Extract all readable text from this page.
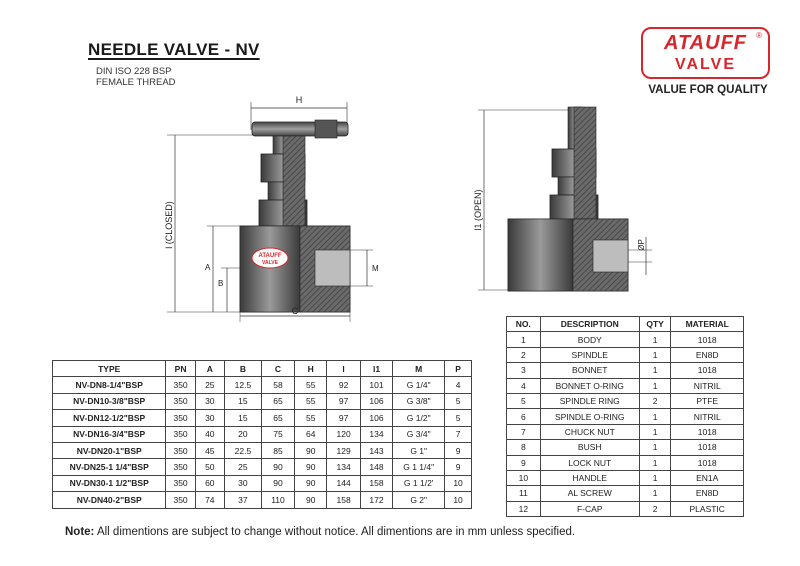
NEEDLE VALVE - NV
DIN ISO 228 BSP
FEMALE THREAD
ATAUFF	®
VALVE
VALUE FOR QUALITY
H
l (CLOSED)
ATAUFF
VALVE
A
B
M
C
l1 (OPEN)
ØP
TYPE	PN	A	B	C	H	l	l1	M	P
NV-DN8-1/4"BSP	350	25	12.5	58	55	92	101	G 1/4"	4
NV-DN10-3/8"BSP	350	30	15	65	55	97	106	G 3/8"	5
NV-DN12-1/2"BSP	350	30	15	65	55	97	106	G 1/2"	5
NV-DN16-3/4"BSP	350	40	20	75	64	120	134	G 3/4"	7
NV-DN20-1"BSP	350	45	22.5	85	90	129	143	G 1"	9
NV-DN25-1 1/4"BSP	350	50	25	90	90	134	148	G 1 1/4"	9
NV-DN30-1 1/2"BSP	350	60	30	90	90	144	158	G 1 1/2'	10
NV-DN40-2"BSP	350	74	37	110	90	158	172	G 2"	10
NO.	DESCRIPTION	QTY	MATERIAL
1	BODY	1	1018
2	SPINDLE	1	EN8D
3	BONNET	1	1018
4	BONNET O-RING	1	NITRIL
5	SPINDLE RING	2	PTFE
6	SPINDLE O-RING	1	NITRIL
7	CHUCK NUT	1	1018
8	BUSH	1	1018
9	LOCK NUT	1	1018
10	HANDLE	1	EN1A
11	AL SCREW	1	EN8D
12	F-CAP	2	PLASTIC
Note: All dimentions are subject to change without notice. All dimentions are in mm unless specified.
